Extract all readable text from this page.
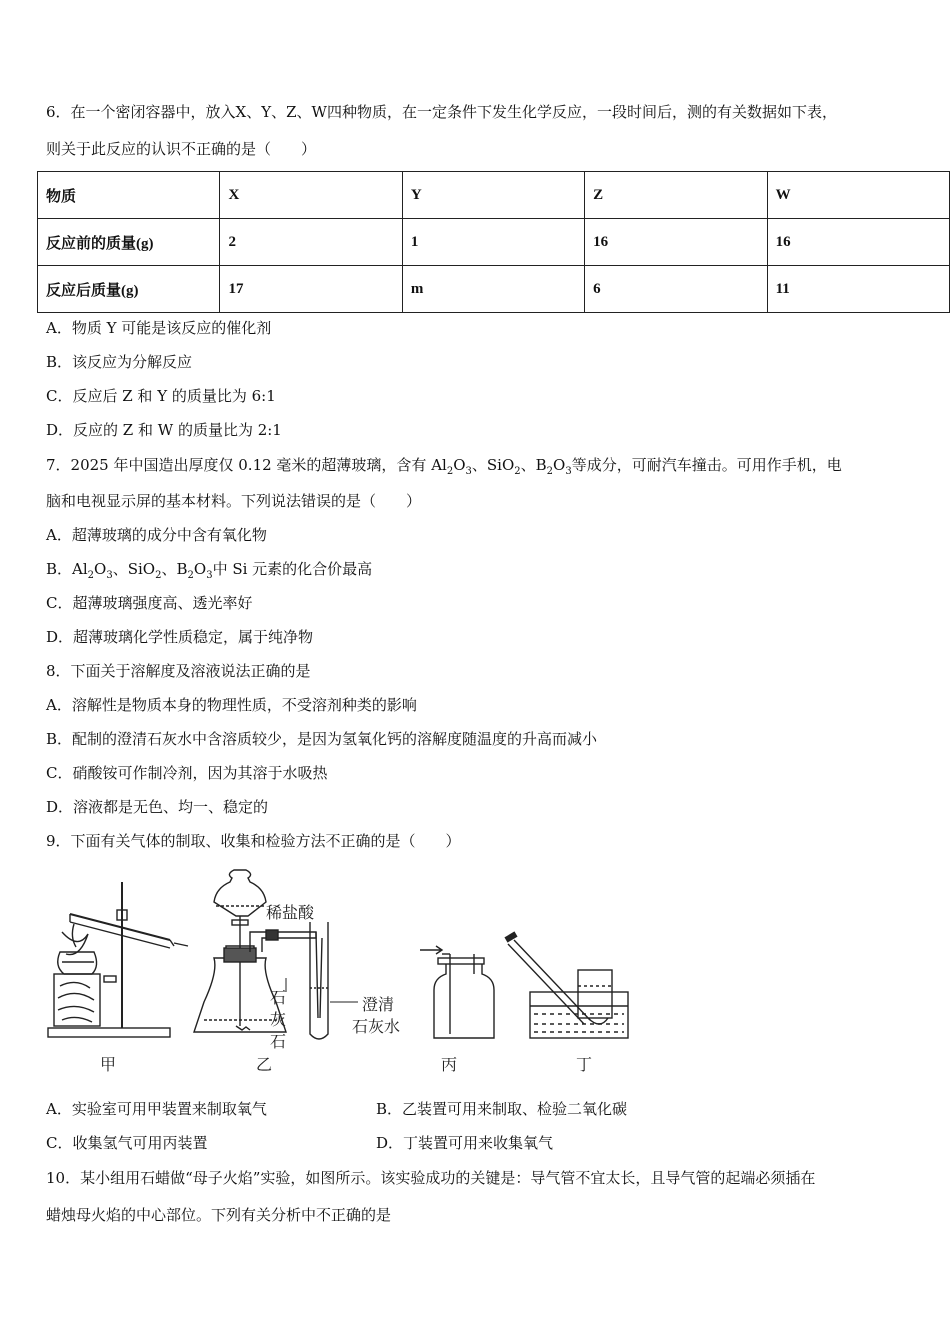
6．在一个密闭容器中，放入X、Y、Z、W四种物质，在一定条件下发生化学反应，一段时间后，测的有关数据如下表，
则关于此反应的认识不正确的是（　　）
物质	X	Y	Z	W
反应前的质量(g)	2	1	16	16
反应后质量(g)	17	m	6	11
A．物质 Y 可能是该反应的催化剂
B．该反应为分解反应
C．反应后 Z 和 Y 的质量比为 6:1
D．反应的 Z 和 W 的质量比为 2:1
7．2025 年中国造出厚度仅 0.12 毫米的超薄玻璃，含有 $Al_2O_3$、SiO$_2$、$B_2O_3$等成分，可耐汽车撞击。可用作手机，电
脑和电视显示屏的基本材料。下列说法错误的是（　　）
A．超薄玻璃的成分中含有氧化物
B．$Al_2O_3$、SiO$_2$、$B_2O_3$中 Si 元素的化合价最高
C．超薄玻璃强度高、透光率好
D．超薄玻璃化学性质稳定，属于纯净物
8．下面关于溶解度及溶液说法正确的是
A．溶解性是物质本身的物理性质，不受溶剂种类的影响
B．配制的澄清石灰水中含溶质较少，是因为氢氧化钙的溶解度随温度的升高而减小
C．硝酸铵可作制冷剂，因为其溶于水吸热
D．溶液都是无色、均一、稳定的
9．下面有关气体的制取、收集和检验方法不正确的是（　　）
甲	乙	丙	丁
稀盐酸
石
灰
石
澄清
石灰水
A．实验室可用甲装置来制取氧气	B．乙装置可用来制取、检验二氧化碳
C．收集氢气可用丙装置	D．丁装置可用来收集氧气
10．某小组用石蜡做“母子火焰”实验，如图所示。该实验成功的关键是：导气管不宜太长，且导气管的起端必须插在
蜡烛母火焰的中心部位。下列有关分析中不正确的是
